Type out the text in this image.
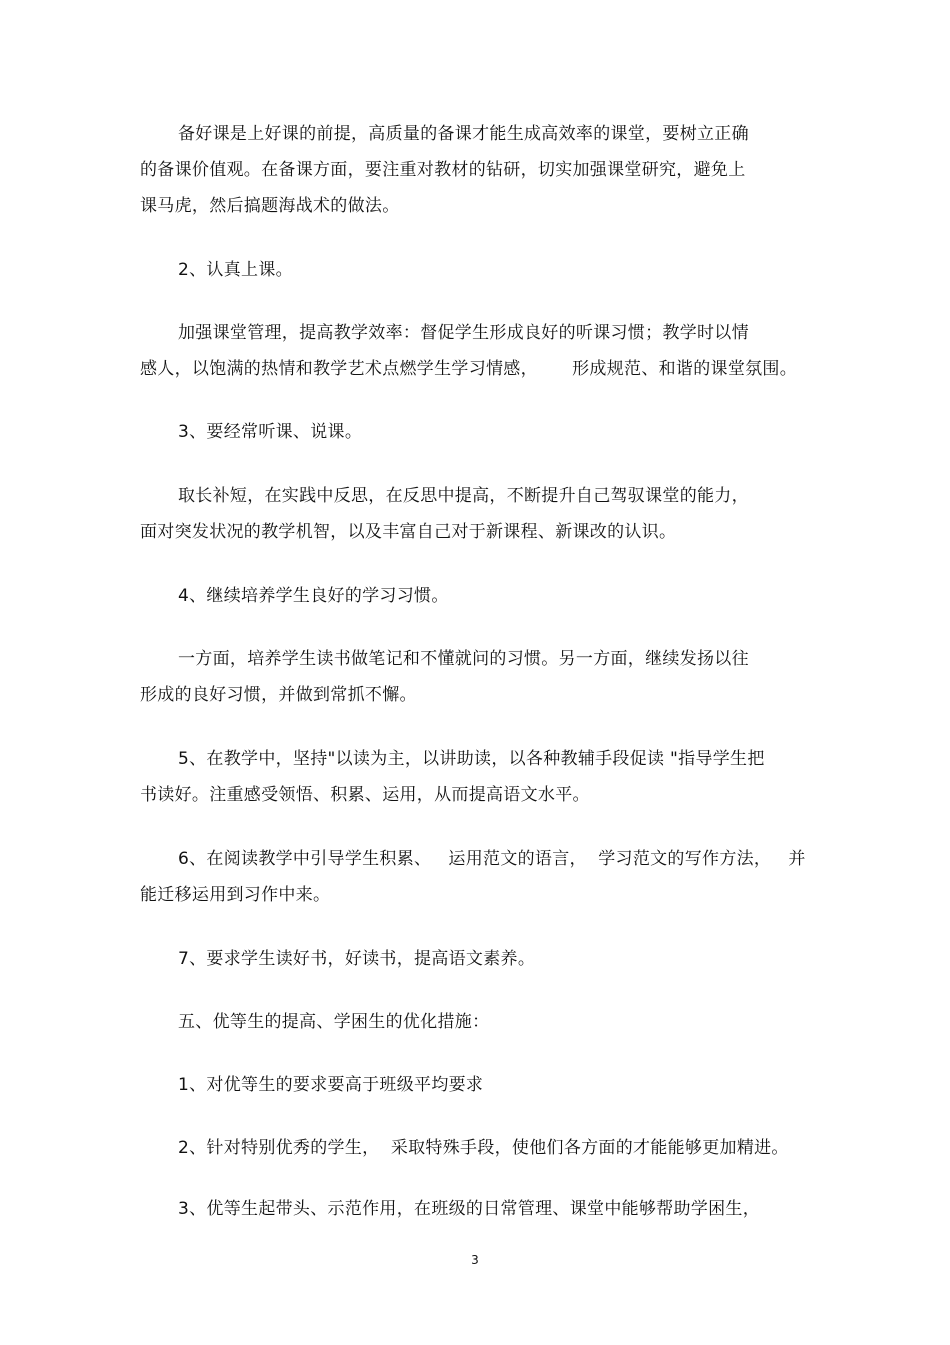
备好课是上好课的前提，高质量的备课才能生成高效率的课堂，要树立正确

的备课价值观。在备课方面，要注重对教材的钻研，切实加强课堂研究，避免上

课马虎，然后搞题海战术的做法。

2、认真上课。

加强课堂管理，提高教学效率：督促学生形成良好的听课习惯；教学时以情

感人，以饱满的热情和教学艺术点燃学生学习情感，      形成规范、和谐的课堂氛围。

3、要经常听课、说课。

取长补短，在实践中反思，在反思中提高，不断提升自己驾驭课堂的能力，

面对突发状况的教学机智，以及丰富自己对于新课程、新课改的认识。

4、继续培养学生良好的学习习惯。

一方面，培养学生读书做笔记和不懂就问的习惯。另一方面，继续发扬以往

形成的良好习惯，并做到常抓不懈。

5、在教学中，坚持"以读为主，以讲助读，以各种教辅手段促读 "指导学生把

书读好。注重感受领悟、积累、运用，从而提高语文水平。

6、在阅读教学中引导学生积累、   运用范文的语言，  学习范文的写作方法，   并

能迁移运用到习作中来。

7、要求学生读好书，好读书，提高语文素养。

五、优等生的提高、学困生的优化措施：

1、对优等生的要求要高于班级平均要求

2、针对特别优秀的学生，  采取特殊手段，使他们各方面的才能能够更加精进。

3、优等生起带头、示范作用，在班级的日常管理、课堂中能够帮助学困生，

3
